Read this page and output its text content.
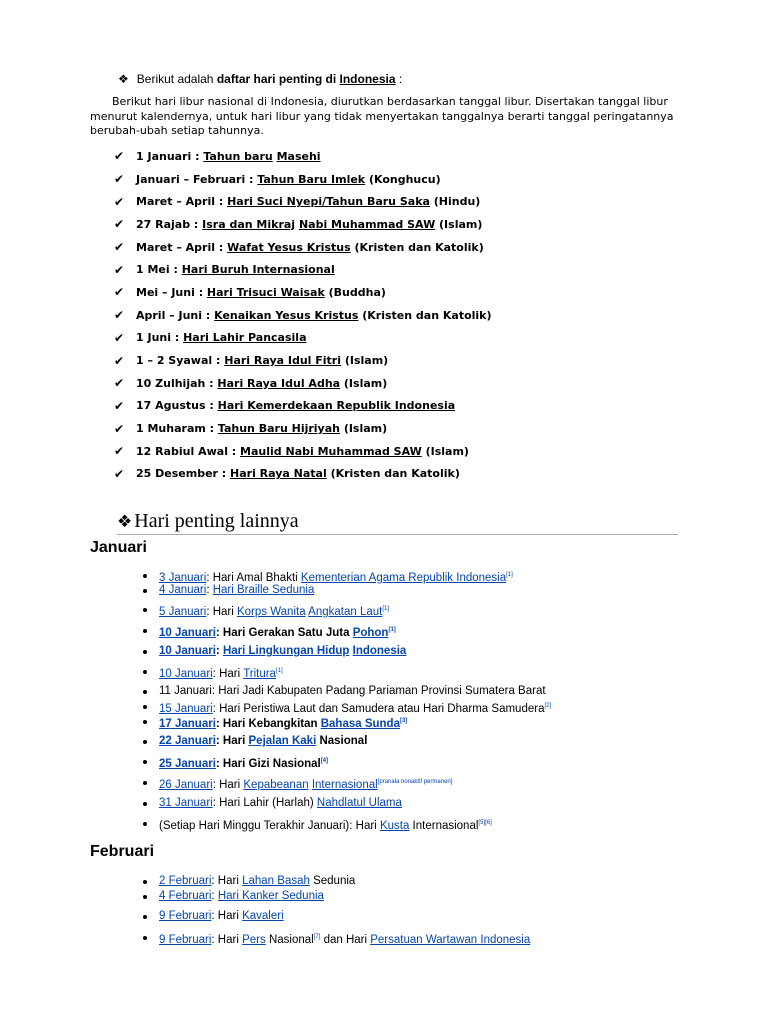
❖ Berikut adalah daftar hari penting di Indonesia :
Berikut hari libur nasional di Indonesia, diurutkan berdasarkan tanggal libur. Disertakan tanggal libur menurut kalendernya, untuk hari libur yang tidak menyertakan tanggalnya berarti tanggal peringatannya berubah-ubah setiap tahunnya.
✔	1 Januari : Tahun baru Masehi
✔	Januari – Februari : Tahun Baru Imlek (Konghucu)
✔	Maret – April : Hari Suci Nyepi/Tahun Baru Saka (Hindu)
✔	27 Rajab : Isra dan Mikraj Nabi Muhammad SAW (Islam)
✔	Maret – April : Wafat Yesus Kristus (Kristen dan Katolik)
✔	1 Mei : Hari Buruh Internasional
✔	Mei – Juni : Hari Trisuci Waisak (Buddha)
✔	April – Juni : Kenaikan Yesus Kristus (Kristen dan Katolik)
✔	1 Juni : Hari Lahir Pancasila
✔	1 – 2 Syawal : Hari Raya Idul Fitri (Islam)
✔	10 Zulhijah : Hari Raya Idul Adha (Islam)
✔	17 Agustus : Hari Kemerdekaan Republik Indonesia
✔	1 Muharam : Tahun Baru Hijriyah (Islam)
✔	12 Rabiul Awal : Maulid Nabi Muhammad SAW (Islam)
✔	25 Desember : Hari Raya Natal (Kristen dan Katolik)
❖ Hari penting lainnya
Januari
3 Januari: Hari Amal Bhakti Kementerian Agama Republik Indonesia[1]
4 Januari: Hari Braille Sedunia
5 Januari: Hari Korps Wanita Angkatan Laut[1]
10 Januari: Hari Gerakan Satu Juta Pohon[1]
10 Januari: Hari Lingkungan Hidup Indonesia
10 Januari: Hari Tritura[1]
11 Januari: Hari Jadi Kabupaten Padang Pariaman Provinsi Sumatera Barat
15 Januari: Hari Peristiwa Laut dan Samudera atau Hari Dharma Samudera[2]
17 Januari: Hari Kebangkitan Bahasa Sunda[3]
22 Januari: Hari Pejalan Kaki Nasional
25 Januari: Hari Gizi Nasional[4]
26 Januari: Hari Kepabeanan Internasional[pranala nonaktif permanen]
31 Januari: Hari Lahir (Harlah) Nahdlatul Ulama
(Setiap Hari Minggu Terakhir Januari): Hari Kusta Internasional[5][6]
Februari
2 Februari: Hari Lahan Basah Sedunia
4 Februari: Hari Kanker Sedunia
9 Februari: Hari Kavaleri
9 Februari: Hari Pers Nasional[7] dan Hari Persatuan Wartawan Indonesia
